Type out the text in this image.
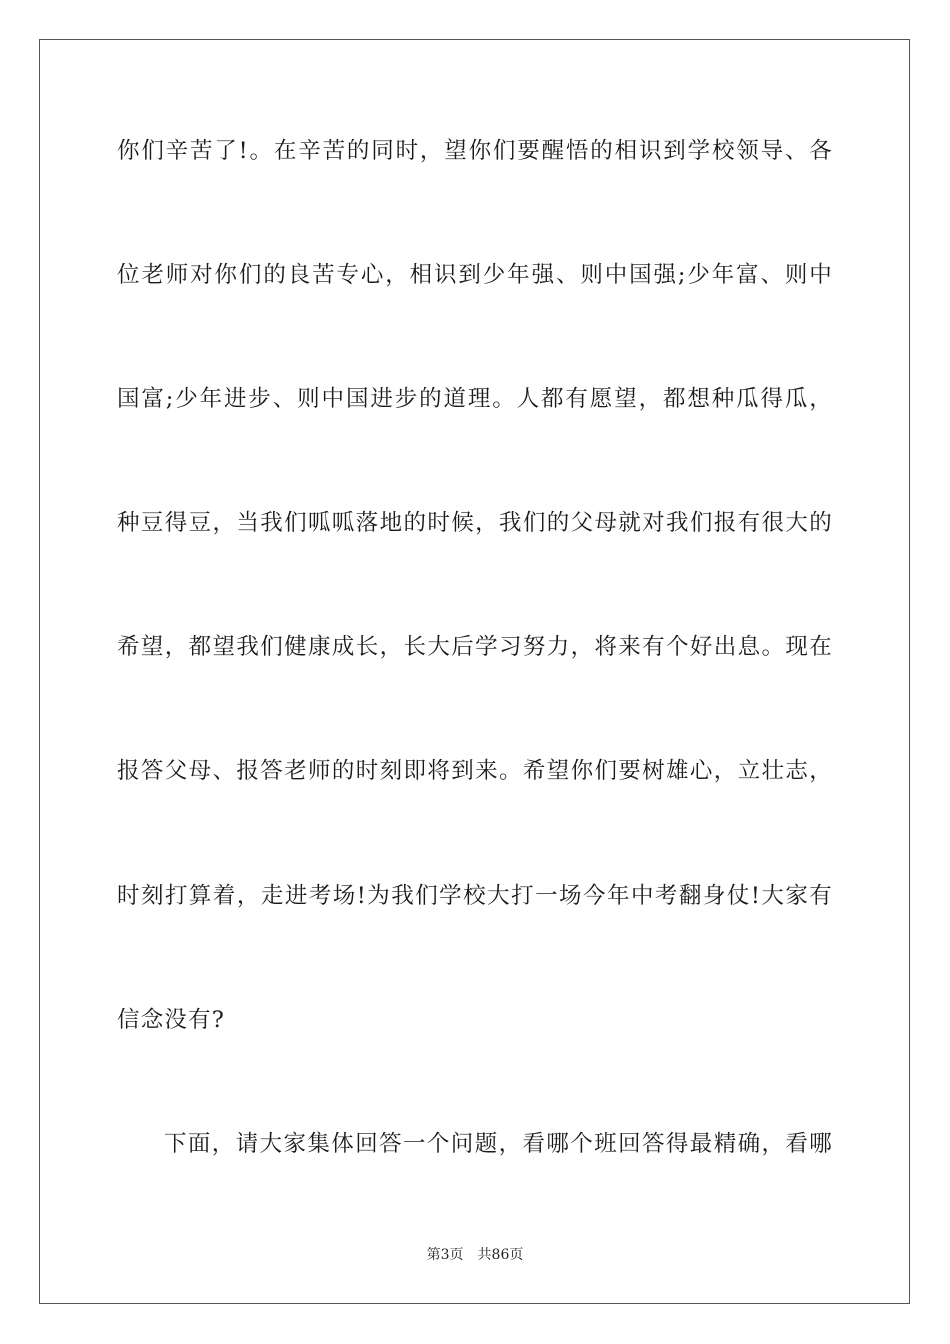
你们辛苦了!。在辛苦的同时，望你们要醒悟的相识到学校领导、各
位老师对你们的良苦专心，相识到少年强、则中国强;少年富、则中
国富;少年进步、则中国进步的道理。人都有愿望，都想种瓜得瓜，
种豆得豆，当我们呱呱落地的时候，我们的父母就对我们报有很大的
希望，都望我们健康成长，长大后学习努力，将来有个好出息。现在
报答父母、报答老师的时刻即将到来。希望你们要树雄心，立壮志，
时刻打算着，走进考场!为我们学校大打一场今年中考翻身仗!大家有
信念没有?
下面，请大家集体回答一个问题，看哪个班回答得最精确，看哪
第3页 共86页
